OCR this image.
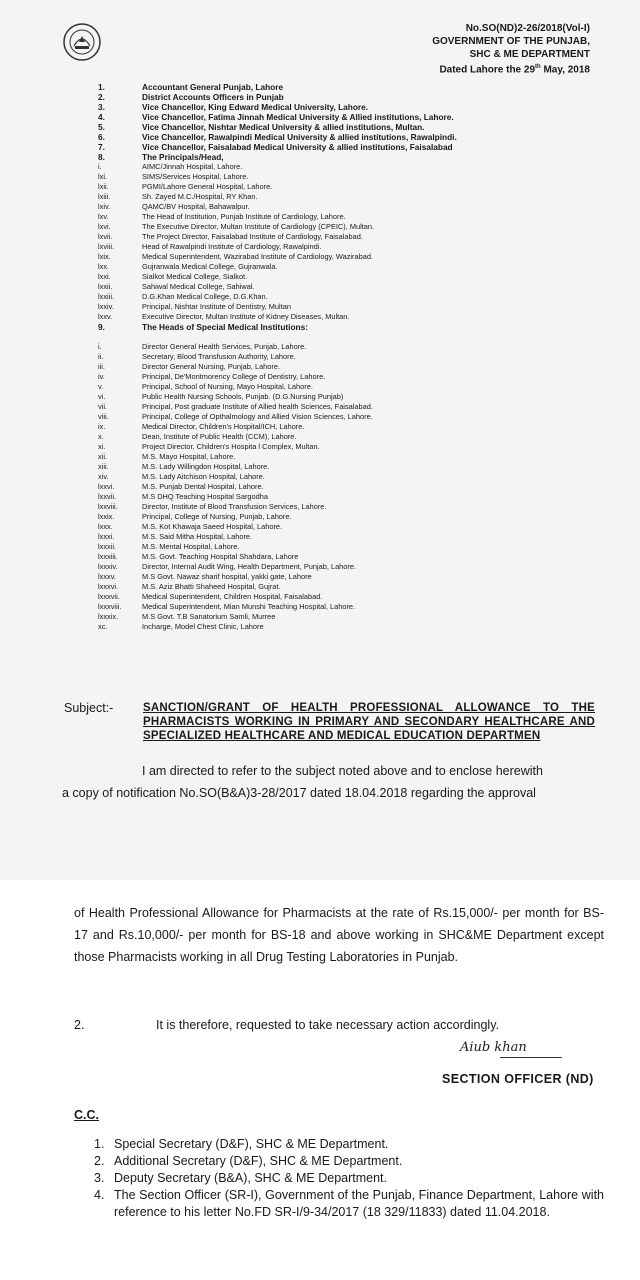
No.SO(ND)2-26/2018(Vol-I)
GOVERNMENT OF THE PUNJAB,
SHC & ME DEPARTMENT
Dated Lahore the 29th May, 2018
1.	Accountant General Punjab, Lahore
2.	District Accounts Officers in Punjab
3.	Vice Chancellor, King Edward Medical University, Lahore.
4.	Vice Chancellor, Fatima Jinnah Medical University & Allied institutions, Lahore.
5.	Vice Chancellor, Nishtar Medical University & allied institutions, Multan.
6.	Vice Chancellor, Rawalpindi Medical University & allied institutions, Rawalpindi.
7.	Vice Chancellor, Faisalabad Medical University & allied institutions, Faisalabad
8.	The Principals/Head,
i.	AIMC/Jinnah Hospital, Lahore.
lxi.	SIMS/Services Hospital, Lahore.
lxii.	PGMI/Lahore General Hospital, Lahore.
lxiii.	Sh. Zayed M.C./Hospital, RY Khan.
lxiv.	QAMC/BV Hospital, Bahawalpur.
lxv.	The Head of Institution, Punjab Institute of Cardiology, Lahore.
lxvi.	The Executive Director, Multan Institute of Cardiology (CPEIC), Multan.
lxvii.	The Project Director, Faisalabad Institute of Cardiology, Faisalabad.
lxviii.	Head of Rawalpindi Institute of Cardiology, Rawalpindi.
lxix.	Medical Superintendent, Wazirabad Institute of Cardiology, Wazirabad.
lxx.	Gujranwala Medical College, Gujranwala.
lxxi.	Sialkot Medical College, Sialkot.
lxxii.	Sahiwal Medical College, Sahiwal.
lxxiii.	D.G.Khan Medical College, D.G.Khan.
lxxiv.	Principal, Nishtar Institute of Dentistry, Multan
lxxv.	Executive Director, Multan Institute of Kidney Diseases, Multan.
9.	The Heads of Special Medical Institutions:
i.	Director General Health Services, Punjab, Lahore.
ii.	Secretary, Blood Transfusion Authority, Lahore.
iii.	Director General Nursing, Punjab, Lahore.
iv.	Principal, De'Montmorency College of Dentistry, Lahore.
v.	Principal, School of Nursing, Mayo Hospital, Lahore.
vi.	Public Health Nursing Schools, Punjab. (D.G.Nursing Punjab)
vii.	Principal, Post graduate Institute of Allied health Sciences, Faisalabad.
viii.	Principal, College of Opthalmology and Allied Vision Sciences, Lahore.
ix.	Medical Director, Children's Hospital/ICH, Lahore.
x.	Dean, Institute of Public Health (CCM), Lahore.
xi.	Project Director, Children's Hospita l Complex, Multan.
xii.	M.S. Mayo Hospital, Lahore.
xiii.	M.S. Lady Willingdon Hospital, Lahore.
xiv.	M.S. Lady Aitchison Hospital, Lahore.
lxxvi.	M.S. Punjab Dental Hospital, Lahore.
lxxvii.	M.S DHQ Teaching Hospital Sargodha
lxxviii.	Director, Institute of Blood Transfusion Services, Lahore.
lxxix.	Principal, College of Nursing, Punjab, Lahore.
lxxx.	M.S. Kot Khawaja Saeed Hospital, Lahore.
lxxxi.	M.S. Said Mitha Hospital, Lahore.
lxxxii.	M.S. Mental Hospital, Lahore.
lxxxiii.	M.S. Govt. Teaching Hospital Shahdara, Lahore
lxxxiv.	Director, Internal Audit Wing, Health Department, Punjab, Lahore.
lxxxv.	M.S Govt. Nawaz sharif hospital, yakki gate, Lahore
lxxxvi.	M.S. Aziz Bhatti Shaheed Hospital, Gujrat.
lxxxvii.	Medical Superintendent, Children Hospital, Faisalabad.
lxxxviii.	Medical Superintendent, Mian Munshi Teaching Hospital, Lahore.
lxxxix.	M.S Govt. T.B Sanatorium Samli, Murree
xc.	Incharge, Model Chest Clinic, Lahore
Subject:-	SANCTION/GRANT OF HEALTH PROFESSIONAL ALLOWANCE TO THE PHARMACISTS WORKING IN PRIMARY AND SECONDARY HEALTHCARE AND SPECIALIZED HEALTHCARE AND MEDICAL EDUCATION DEPARTMEN
I am directed to refer to the subject noted above and to enclose herewith
a copy of notification No.SO(B&A)3-28/2017 dated 18.04.2018 regarding the approval
of Health Professional Allowance for Pharmacists at the rate of Rs.15,000/- per month for BS-17 and Rs.10,000/- per month for BS-18 and above working in SHC&ME Department except those Pharmacists working in all Drug Testing Laboratories in Punjab.
2.	It is therefore, requested to take necessary action accordingly.
Aiub khan
SECTION OFFICER (ND)
C.C.
1. Special Secretary (D&F), SHC & ME Department.
2. Additional Secretary (D&F), SHC & ME Department.
3. Deputy Secretary (B&A), SHC & ME Department.
4. The Section Officer (SR-I), Government of the Punjab, Finance Department, Lahore with reference to his letter No.FD SR-I/9-34/2017 (18 329/11833) dated 11.04.2018.
